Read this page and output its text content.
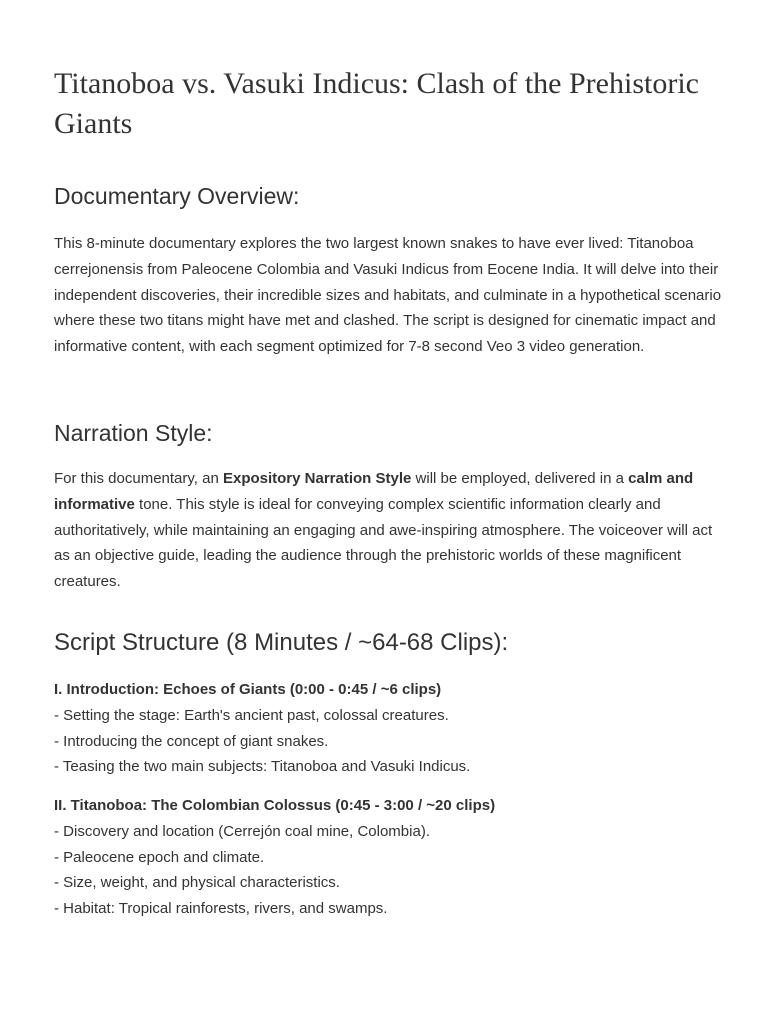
Titanoboa vs. Vasuki Indicus: Clash of the Prehistoric Giants
Documentary Overview:

This 8-minute documentary explores the two largest known snakes to have ever lived: Titanoboa cerrejonensis from Paleocene Colombia and Vasuki Indicus from Eocene India. It will delve into their independent discoveries, their incredible sizes and habitats, and culminate in a hypothetical scenario where these two titans might have met and clashed. The script is designed for cinematic impact and informative content, with each segment optimized for 7-8 second Veo 3 video generation.

Narration Style:

For this documentary, an Expository Narration Style will be employed, delivered in a calm and informative tone. This style is ideal for conveying complex scientific information clearly and authoritatively, while maintaining an engaging and awe-inspiring atmosphere. The voiceover will act as an objective guide, leading the audience through the prehistoric worlds of these magnificent creatures.

Script Structure (8 Minutes / ~64-68 Clips):
I. Introduction: Echoes of Giants (0:00 - 0:45 / ~6 clips)
- Setting the stage: Earth's ancient past, colossal creatures.
- Introducing the concept of giant snakes.
- Teasing the two main subjects: Titanoboa and Vasuki Indicus.
II. Titanoboa: The Colombian Colossus (0:45 - 3:00 / ~20 clips)
- Discovery and location (Cerrejón coal mine, Colombia).
- Paleocene epoch and climate.
- Size, weight, and physical characteristics.
- Habitat: Tropical rainforests, rivers, and swamps.
